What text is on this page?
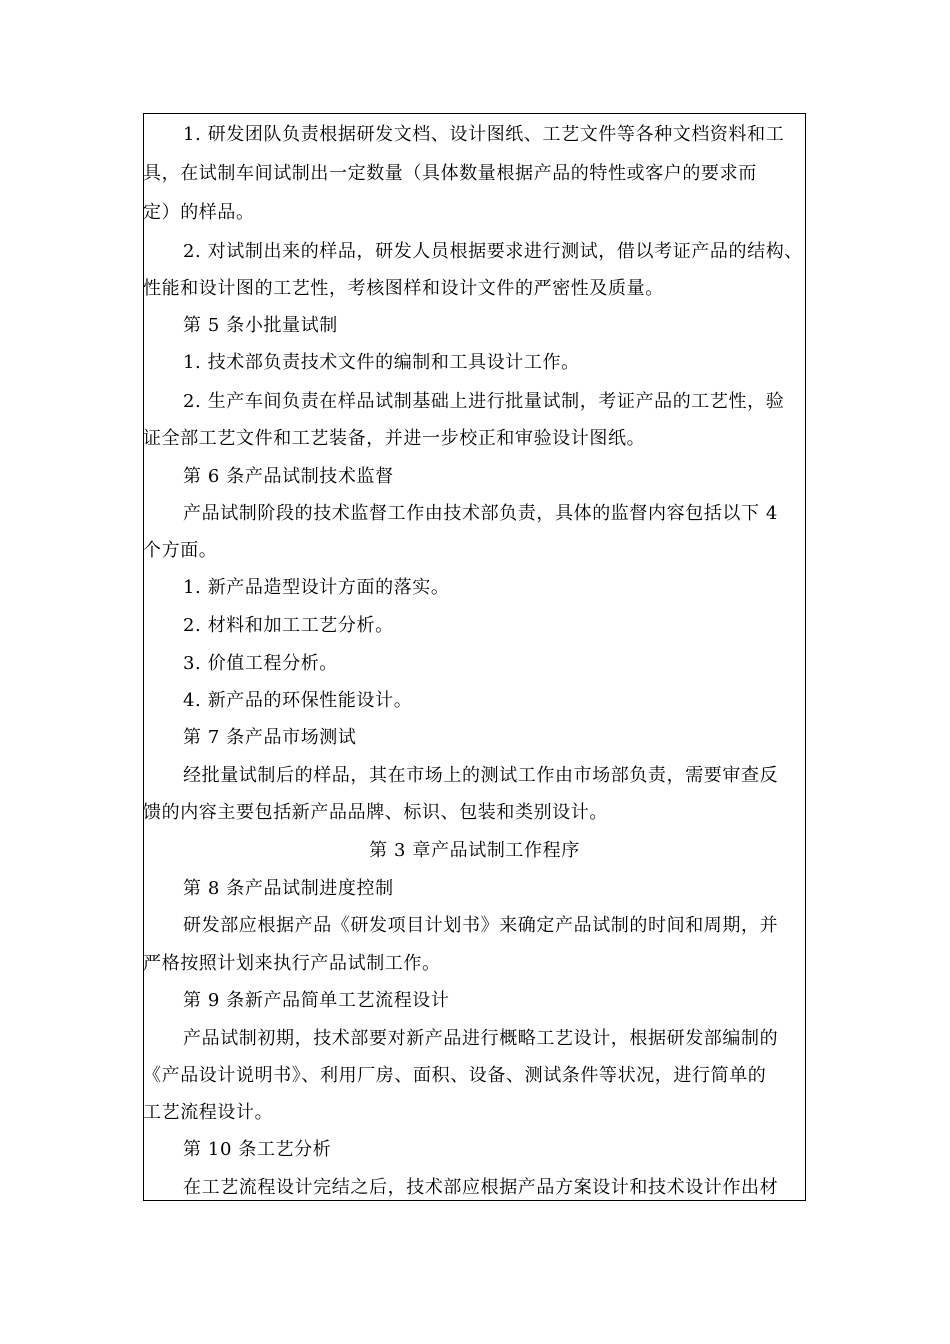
1. 研发团队负责根据研发文档、设计图纸、工艺文件等各种文档资料和工
具，在试制车间试制出一定数量（具体数量根据产品的特性或客户的要求而
定）的样品。
2. 对试制出来的样品，研发人员根据要求进行测试，借以考证产品的结构、
性能和设计图的工艺性，考核图样和设计文件的严密性及质量。
第 5 条小批量试制
1. 技术部负责技术文件的编制和工具设计工作。
2. 生产车间负责在样品试制基础上进行批量试制，考证产品的工艺性，验
证全部工艺文件和工艺装备，并进一步校正和审验设计图纸。
第 6 条产品试制技术监督
产品试制阶段的技术监督工作由技术部负责，具体的监督内容包括以下 4
个方面。
1. 新产品造型设计方面的落实。
2. 材料和加工工艺分析。
3. 价值工程分析。
4. 新产品的环保性能设计。
第 7 条产品市场测试
经批量试制后的样品，其在市场上的测试工作由市场部负责，需要审查反
馈的内容主要包括新产品品牌、标识、包装和类别设计。
第 3 章产品试制工作程序
第 8 条产品试制进度控制
研发部应根据产品《研发项目计划书》来确定产品试制的时间和周期，并
严格按照计划来执行产品试制工作。
第 9 条新产品简单工艺流程设计
产品试制初期，技术部要对新产品进行概略工艺设计，根据研发部编制的
《产品设计说明书》、利用厂房、面积、设备、测试条件等状况，进行简单的
工艺流程设计。
第 10 条工艺分析
在工艺流程设计完结之后，技术部应根据产品方案设计和技术设计作出材
